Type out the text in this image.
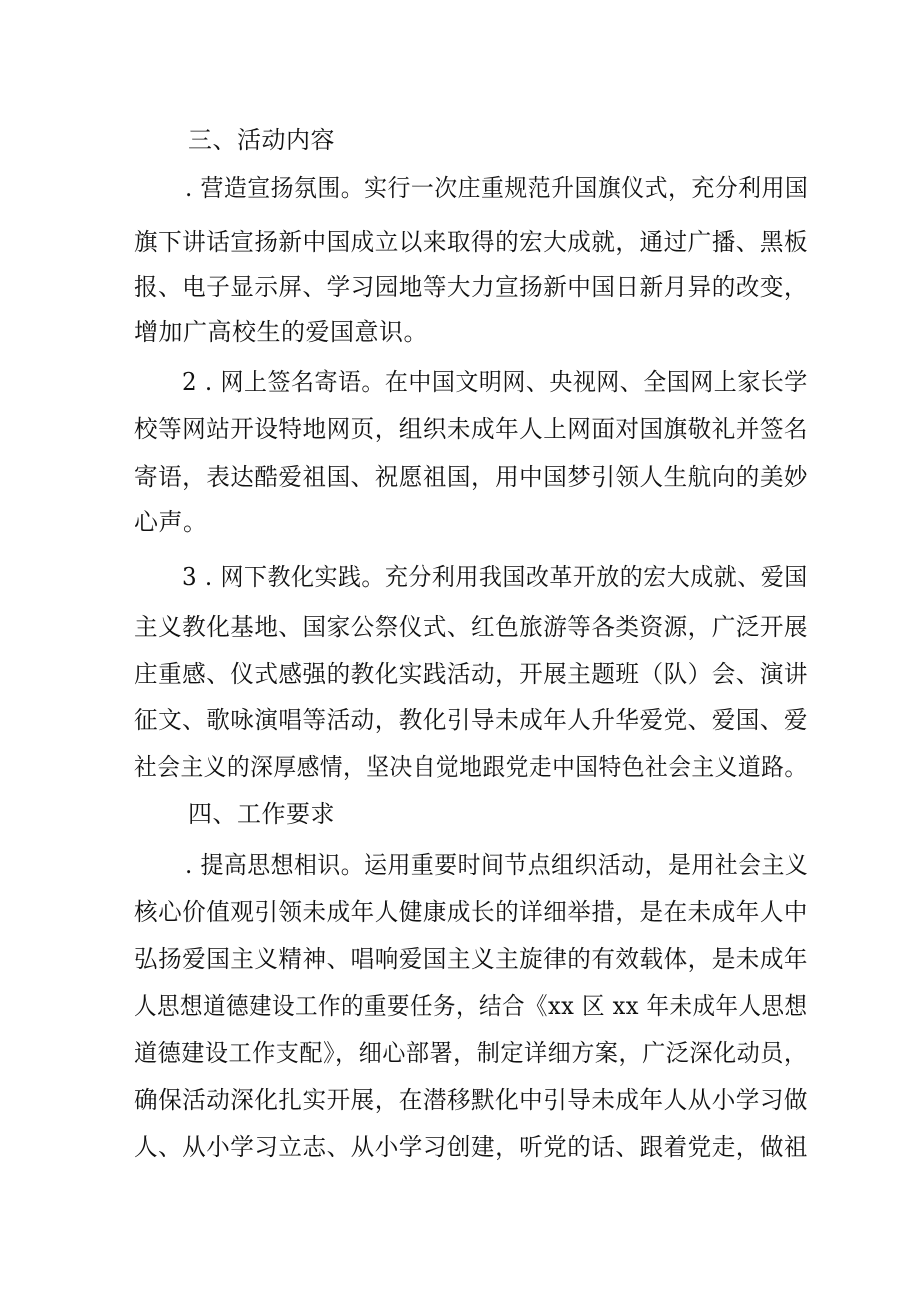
三、活动内容
. 营造宣扬氛围。实行一次庄重规范升国旗仪式，充分利用国
旗下讲话宣扬新中国成立以来取得的宏大成就，通过广播、黑板
报、电子显示屏、学习园地等大力宣扬新中国日新月异的改变，
增加广高校生的爱国意识。
2 . 网上签名寄语。在中国文明网、央视网、全国网上家长学
校等网站开设特地网页，组织未成年人上网面对国旗敬礼并签名
寄语，表达酷爱祖国、祝愿祖国，用中国梦引领人生航向的美妙
心声。
3 . 网下教化实践。充分利用我国改革开放的宏大成就、爱国
主义教化基地、国家公祭仪式、红色旅游等各类资源，广泛开展
庄重感、仪式感强的教化实践活动，开展主题班（队）会、演讲
征文、歌咏演唱等活动，教化引导未成年人升华爱党、爱国、爱
社会主义的深厚感情，坚决自觉地跟党走中国特色社会主义道路。
四、工作要求
. 提高思想相识。运用重要时间节点组织活动，是用社会主义
核心价值观引领未成年人健康成长的详细举措，是在未成年人中
弘扬爱国主义精神、唱响爱国主义主旋律的有效载体，是未成年
人思想道德建设工作的重要任务，结合《xx 区 xx 年未成年人思想
道德建设工作支配》，细心部署，制定详细方案，广泛深化动员，
确保活动深化扎实开展，在潜移默化中引导未成年人从小学习做
人、从小学习立志、从小学习创建，听党的话、跟着党走，做祖
